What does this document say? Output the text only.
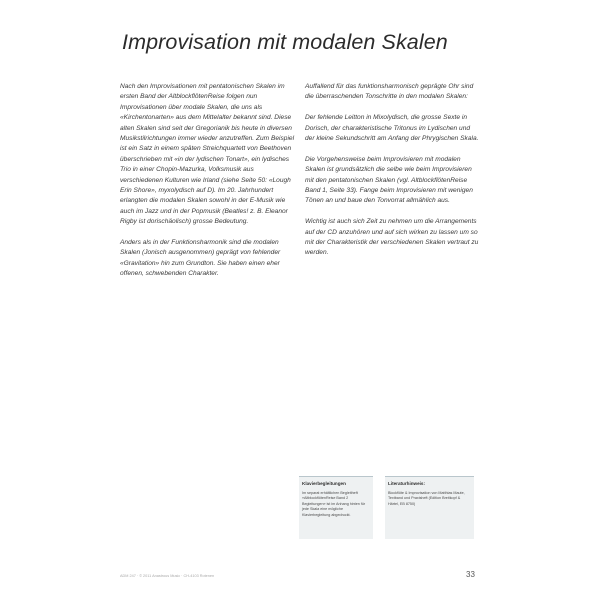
Improvisation mit modalen Skalen

Nach den Improvisationen mit pentatonischen Skalen im ersten Band der AltblockflötenReise folgen nun Improvisationen über modale Skalen, die uns als «Kirchentonarten» aus dem Mittelalter bekannt sind. Diese alten Skalen sind seit der Gregorianik bis heute in diversen Musikstilrichtungen immer wieder anzutreffen. Zum Beispiel ist ein Satz in einem späten Streichquartett von Beethoven überschrieben mit «in der lydischen Tonart», ein lydisches Trio in einer Chopin-Mazurka, Volksmusik aus verschiedenen Kulturen wie Irland (siehe Seite 50: «Lough Erin Shore», myxolydisch auf D). Im 20. Jahrhundert erlangten die modalen Skalen sowohl in der E-Musik wie auch im Jazz und in der Popmusik (Beatles! z. B. Eleanor Rigby ist dorischäolisch) grosse Bedeutung.

Anders als in der Funktionsharmonik sind die modalen Skalen (Jonisch ausgenommen) geprägt von fehlender «Gravitation» hin zum Grundton. Sie haben einen eher offenen, schwebenden Charakter.

Auffallend für das funktionsharmonisch geprägte Ohr sind die überraschenden Tonschritte in den modalen Skalen:

Der fehlende Leitton in Mixolydisch, die grosse Sexte in Dorisch, der charakteristische Tritonus im Lydischen und der kleine Sekundschritt am Anfang der Phrygischen Skala.

Die Vorgehensweise beim Improvisieren mit modalen Skalen ist grundsätzlich die selbe wie beim Improvisieren mit den pentatonischen Skalen (vgl. AltblockflötenReise Band 1, Seite 33). Fange beim Improvisieren mit wenigen Tönen an und baue den Tonvorrat allmählich aus.

Wichtig ist auch sich Zeit zu nehmen um die Arrangements auf der CD anzuhören und auf sich wirken zu lassen um so mit der Charakteristik der verschiedenen Skalen vertraut zu werden.

Klavierbegleitungen
Im separat erhältlichen Begleitheft «AltblockflötenReise Band 2 Begleitungen» ist im Anhang hinten für jede Skala eine mögliche Klavierbegleitung abgedruckt.
Literaturhinweis:
Blockflöte & Improvisation von Matthias Maute, Textband und Praxisheft (Edition Breitkopf & Härtel, EB 8750)
ADM 247 · © 2011 Anastrous Music · CH-4103 Rotenen	33
